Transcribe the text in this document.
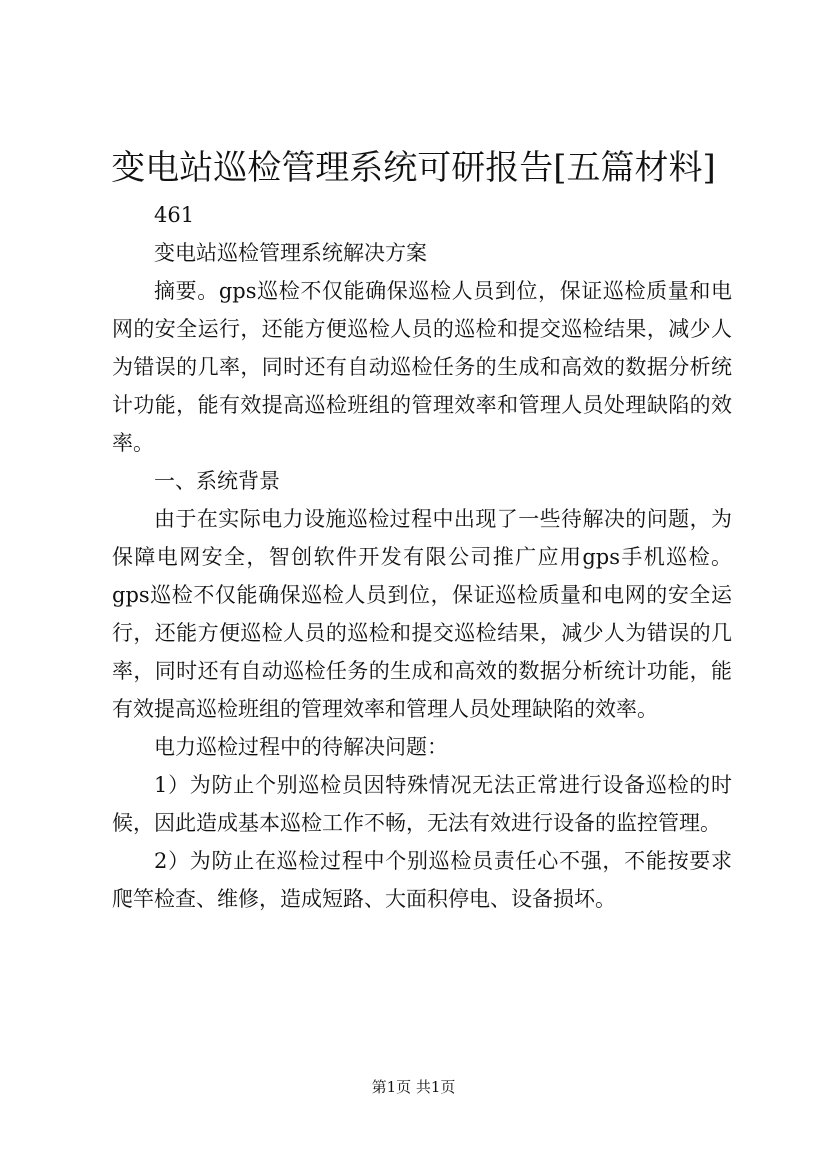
变电站巡检管理系统可研报告[五篇材料]

461

变电站巡检管理系统解决方案

摘要。gps巡检不仅能确保巡检人员到位，保证巡检质量和电网的安全运行，还能方便巡检人员的巡检和提交巡检结果，减少人为错误的几率，同时还有自动巡检任务的生成和高效的数据分析统计功能，能有效提高巡检班组的管理效率和管理人员处理缺陷的效率。

一、系统背景

由于在实际电力设施巡检过程中出现了一些待解决的问题，为保障电网安全，智创软件开发有限公司推广应用gps手机巡检。gps巡检不仅能确保巡检人员到位，保证巡检质量和电网的安全运行，还能方便巡检人员的巡检和提交巡检结果，减少人为错误的几率，同时还有自动巡检任务的生成和高效的数据分析统计功能，能有效提高巡检班组的管理效率和管理人员处理缺陷的效率。

电力巡检过程中的待解决问题：

1）为防止个别巡检员因特殊情况无法正常进行设备巡检的时候，因此造成基本巡检工作不畅，无法有效进行设备的监控管理。

2）为防止在巡检过程中个别巡检员责任心不强，不能按要求爬竿检查、维修，造成短路、大面积停电、设备损坏。

第1页 共1页
